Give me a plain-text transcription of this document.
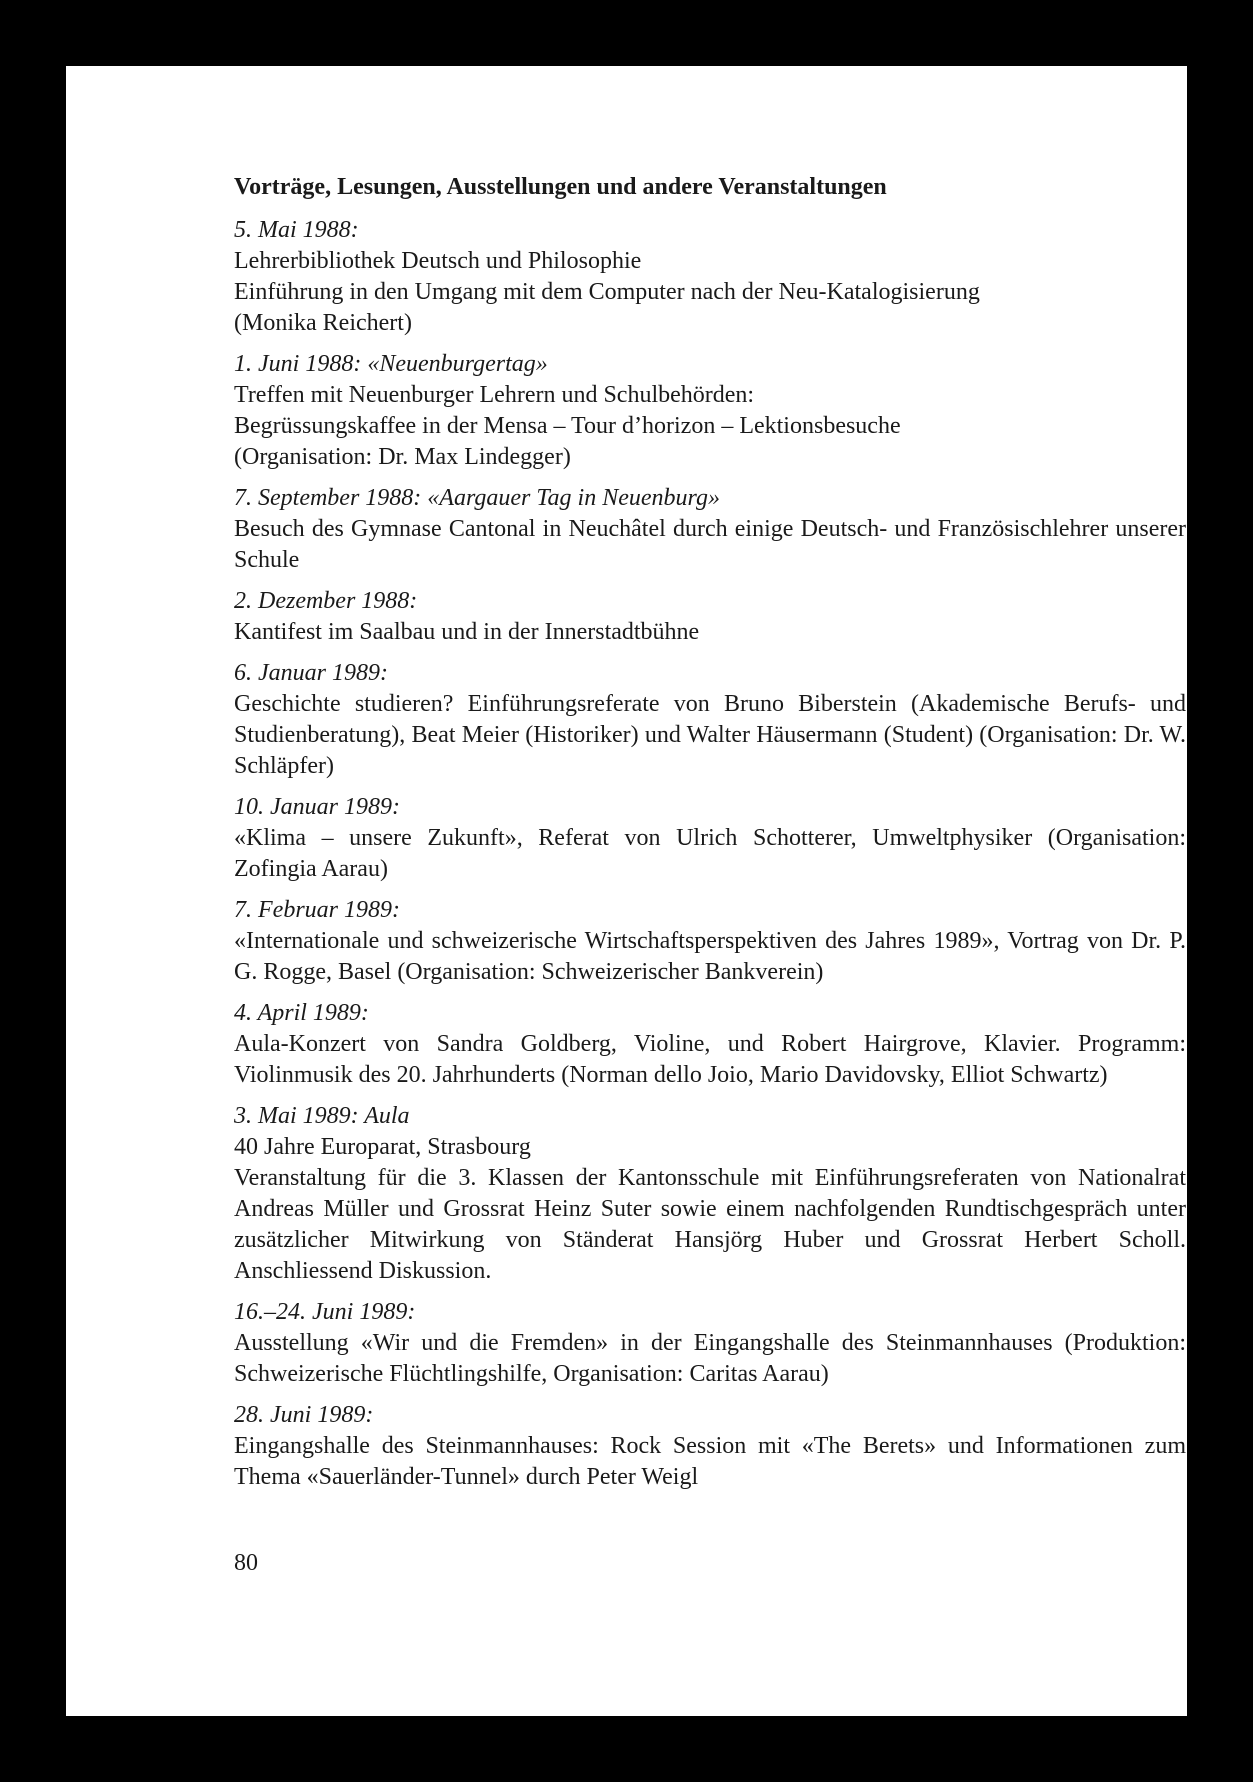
Vorträge, Lesungen, Ausstellungen und andere Veranstaltungen
5. Mai 1988:
Lehrerbibliothek Deutsch und Philosophie
Einführung in den Umgang mit dem Computer nach der Neu-Katalogisierung
(Monika Reichert)
1. Juni 1988: «Neuenburgertag»
Treffen mit Neuenburger Lehrern und Schulbehörden:
Begrüssungskaffee in der Mensa – Tour d’horizon – Lektionsbesuche
(Organisation: Dr. Max Lindegger)
7. September 1988: «Aargauer Tag in Neuenburg»
Besuch des Gymnase Cantonal in Neuchâtel durch einige Deutsch- und Französischlehrer unserer Schule
2. Dezember 1988:
Kantifest im Saalbau und in der Innerstadtbühne
6. Januar 1989:
Geschichte studieren? Einführungsreferate von Bruno Biberstein (Akademische Berufs- und Studienberatung), Beat Meier (Historiker) und Walter Häusermann (Student) (Organisation: Dr. W. Schläpfer)
10. Januar 1989:
«Klima – unsere Zukunft», Referat von Ulrich Schotterer, Umweltphysiker (Organisation: Zofingia Aarau)
7. Februar 1989:
«Internationale und schweizerische Wirtschaftsperspektiven des Jahres 1989», Vortrag von Dr. P. G. Rogge, Basel (Organisation: Schweizerischer Bankverein)
4. April 1989:
Aula-Konzert von Sandra Goldberg, Violine, und Robert Hairgrove, Klavier. Programm: Violinmusik des 20. Jahrhunderts (Norman dello Joio, Mario Davidovsky, Elliot Schwartz)
3. Mai 1989: Aula
40 Jahre Europarat, Strasbourg
Veranstaltung für die 3. Klassen der Kantonsschule mit Einführungsreferaten von Nationalrat Andreas Müller und Grossrat Heinz Suter sowie einem nachfolgenden Rundtischgespräch unter zusätzlicher Mitwirkung von Ständerat Hansjörg Huber und Grossrat Herbert Scholl. Anschliessend Diskussion.
16.–24. Juni 1989:
Ausstellung «Wir und die Fremden» in der Eingangshalle des Steinmannhauses (Produktion: Schweizerische Flüchtlingshilfe, Organisation: Caritas Aarau)
28. Juni 1989:
Eingangshalle des Steinmannhauses: Rock Session mit «The Berets» und Informationen zum Thema «Sauerländer-Tunnel» durch Peter Weigl
80
